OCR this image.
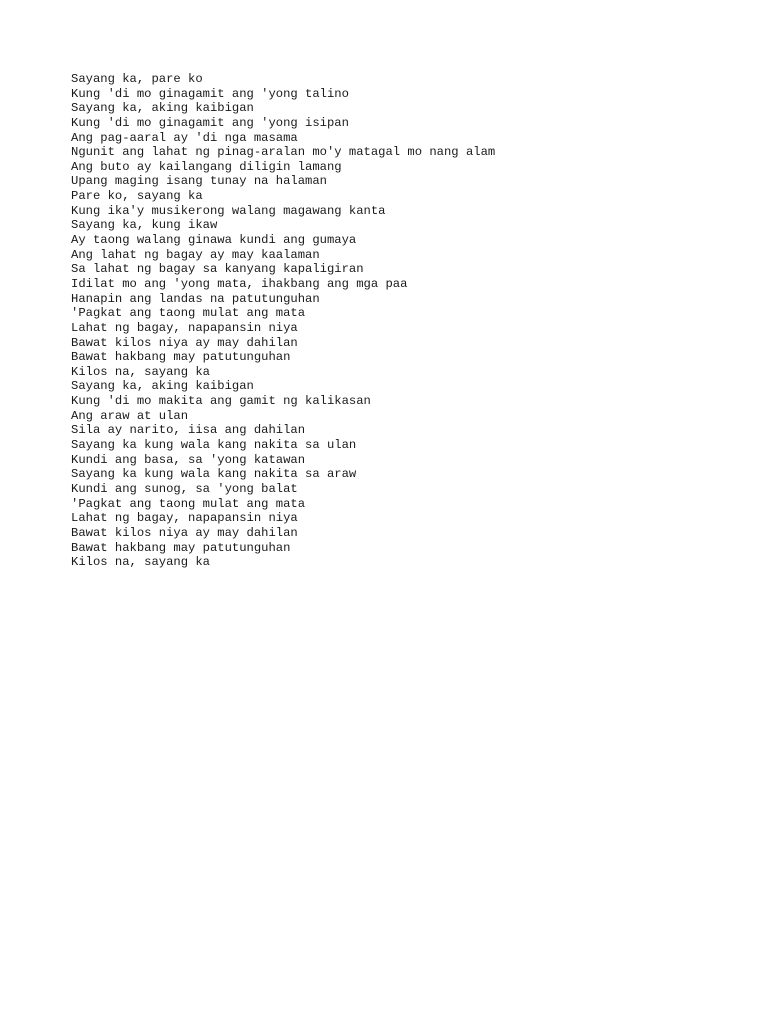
Sayang ka, pare ko
Kung 'di mo ginagamit ang 'yong talino
Sayang ka, aking kaibigan
Kung 'di mo ginagamit ang 'yong isipan
Ang pag-aaral ay 'di nga masama
Ngunit ang lahat ng pinag-aralan mo'y matagal mo nang alam
Ang buto ay kailangang diligin lamang
Upang maging isang tunay na halaman
Pare ko, sayang ka
Kung ika'y musikerong walang magawang kanta
Sayang ka, kung ikaw
Ay taong walang ginawa kundi ang gumaya
Ang lahat ng bagay ay may kaalaman
Sa lahat ng bagay sa kanyang kapaligiran
Idilat mo ang 'yong mata, ihakbang ang mga paa
Hanapin ang landas na patutunguhan
'Pagkat ang taong mulat ang mata
Lahat ng bagay, napapansin niya
Bawat kilos niya ay may dahilan
Bawat hakbang may patutunguhan
Kilos na, sayang ka
Sayang ka, aking kaibigan
Kung 'di mo makita ang gamit ng kalikasan
Ang araw at ulan
Sila ay narito, iisa ang dahilan
Sayang ka kung wala kang nakita sa ulan
Kundi ang basa, sa 'yong katawan
Sayang ka kung wala kang nakita sa araw
Kundi ang sunog, sa 'yong balat
'Pagkat ang taong mulat ang mata
Lahat ng bagay, napapansin niya
Bawat kilos niya ay may dahilan
Bawat hakbang may patutunguhan
Kilos na, sayang ka
